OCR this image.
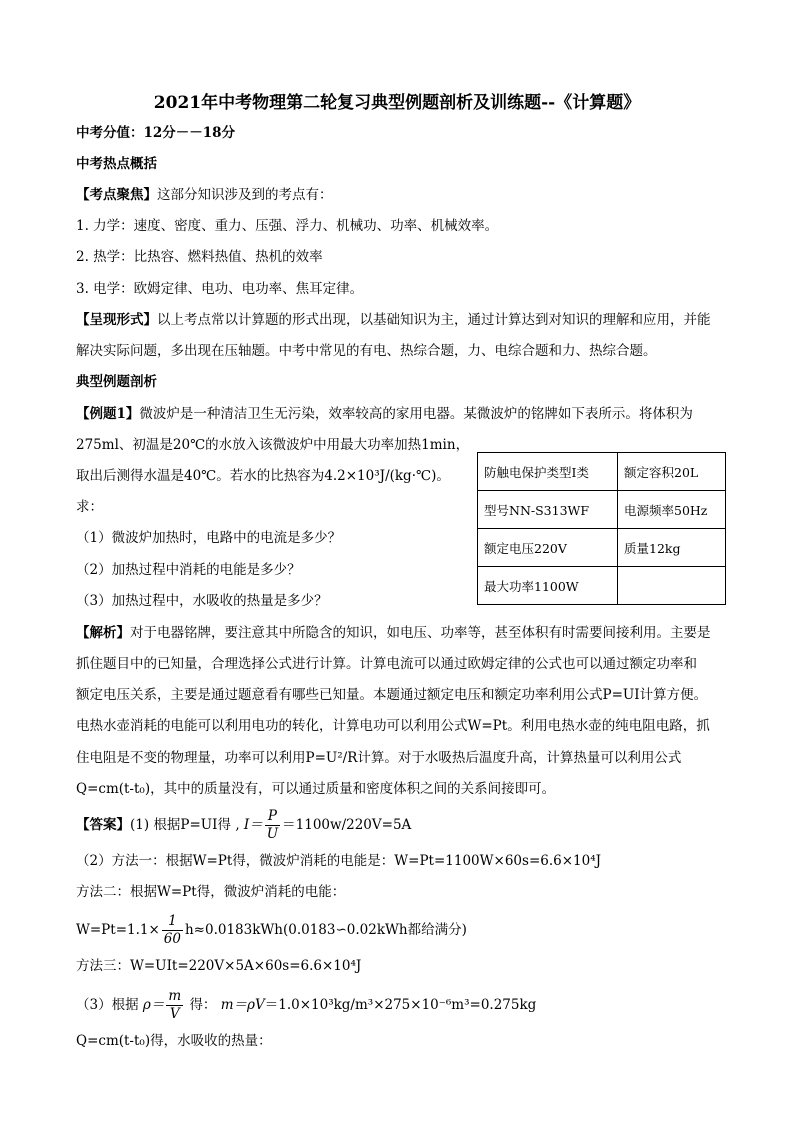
2021年中考物理第二轮复习典型例题剖析及训练题--《计算题》
中考分值：12分－－18分
中考热点概括
【考点聚焦】这部分知识涉及到的考点有：
1. 力学：速度、密度、重力、压强、浮力、机械功、功率、机械效率。
2. 热学：比热容、燃料热值、热机的效率
3. 电学：欧姆定律、电功、电功率、焦耳定律。
【呈现形式】以上考点常以计算题的形式出现，以基础知识为主，通过计算达到对知识的理解和应用，并能
解决实际问题，多出现在压轴题。中考中常见的有电、热综合题，力、电综合题和力、热综合题。
典型例题剖析
【例题1】微波炉是一种清洁卫生无污染，效率较高的家用电器。某微波炉的铭牌如下表所示。将体积为
275ml、初温是20℃的水放入该微波炉中用最大功率加热1min，
取出后测得水温是40℃。若水的比热容为4.2×10³J/(kg·℃)。
求：
（1）微波炉加热时，电路中的电流是多少？
（2）加热过程中消耗的电能是多少？
（3）加热过程中，水吸收的热量是多少？
防触电保护类型I类	额定容积20L
型号NN-S313WF	电源频率50Hz
额定电压220V	质量12kg
最大功率1100W	
【解析】对于电器铭牌，要注意其中所隐含的知识，如电压、功率等，甚至体积有时需要间接利用。主要是
抓住题目中的已知量，合理选择公式进行计算。计算电流可以通过欧姆定律的公式也可以通过额定功率和
额定电压关系，主要是通过题意看有哪些已知量。本题通过额定电压和额定功率利用公式P=UI计算方便。
电热水壶消耗的电能可以利用电功的转化，计算电功可以利用公式W=Pt。利用电热水壶的纯电阻电路，抓
住电阻是不变的物理量，功率可以利用P=U²/R计算。对于水吸热后温度升高，计算热量可以利用公式
Q=cm(t-t₀)，其中的质量没有，可以通过质量和密度体积之间的关系间接即可。
【答案】(1) 根据P=UI得 , $I= \frac{P}{U} =1100w/220V=5A$
（2）方法一：根据W=Pt得，微波炉消耗的电能是：W=Pt=1100W×60s=6.6×10⁴J
方法二：根据W=Pt得，微波炉消耗的电能：
$W=Pt=1.1\times \frac{1}{60}$ h≈0.0183kWh(0.0183∽0.02kWh都给满分)
方法三：W=UIt=220V×5A×60s=6.6×10⁴J
（3）根据 $\rho= \frac{m}{V}$ 得： m＝ρV＝1.0×10³kg/m³×275×10⁻⁶m³=0.275kg
Q=cm(t-t₀)得，水吸收的热量：
